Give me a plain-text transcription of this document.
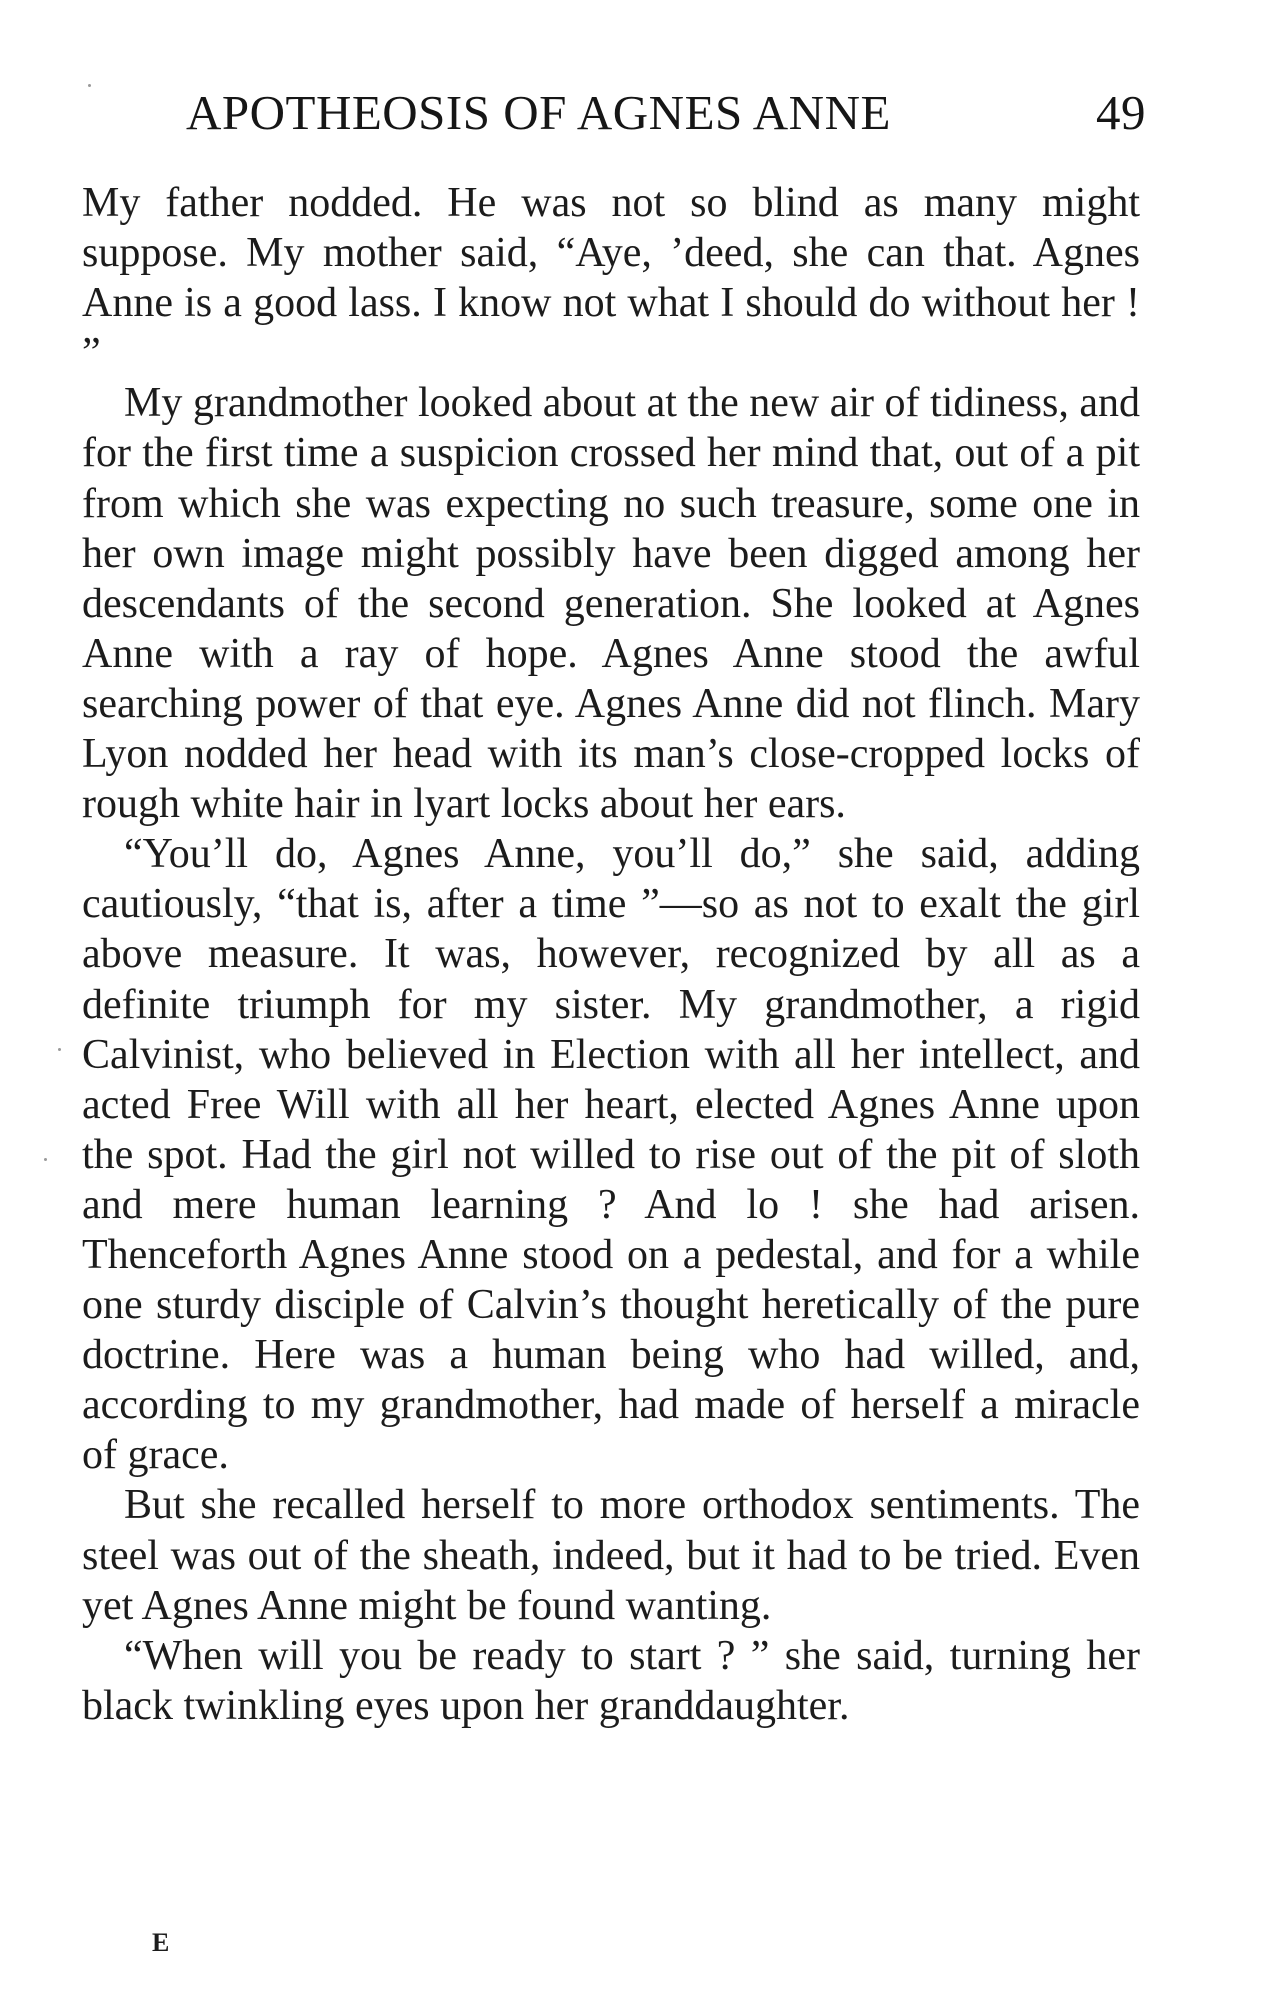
APOTHEOSIS OF AGNES ANNE	49

My father nodded. He was not so blind as many might suppose. My mother said, “Aye, ’deed, she can that. Agnes Anne is a good lass. I know not what I should do without her ! ”

My grandmother looked about at the new air of tidiness, and for the first time a suspicion crossed her mind that, out of a pit from which she was expecting no such treasure, some one in her own image might possibly have been digged among her descendants of the second generation. She looked at Agnes Anne with a ray of hope. Agnes Anne stood the awful searching power of that eye. Agnes Anne did not flinch. Mary Lyon nodded her head with its man’s close-cropped locks of rough white hair in lyart locks about her ears.

“You’ll do, Agnes Anne, you’ll do,” she said, adding cautiously, “that is, after a time ”—so as not to exalt the girl above measure. It was, however, recognized by all as a definite triumph for my sister. My grandmother, a rigid Calvinist, who believed in Election with all her intellect, and acted Free Will with all her heart, elected Agnes Anne upon the spot. Had the girl not willed to rise out of the pit of sloth and mere human learning ? And lo ! she had arisen. Thenceforth Agnes Anne stood on a pedestal, and for a while one sturdy disciple of Calvin’s thought heretically of the pure doctrine. Here was a human being who had willed, and, according to my grandmother, had made of herself a miracle of grace.

But she recalled herself to more orthodox sentiments. The steel was out of the sheath, indeed, but it had to be tried. Even yet Agnes Anne might be found wanting.

“When will you be ready to start ? ” she said, turning her black twinkling eyes upon her granddaughter.

E
